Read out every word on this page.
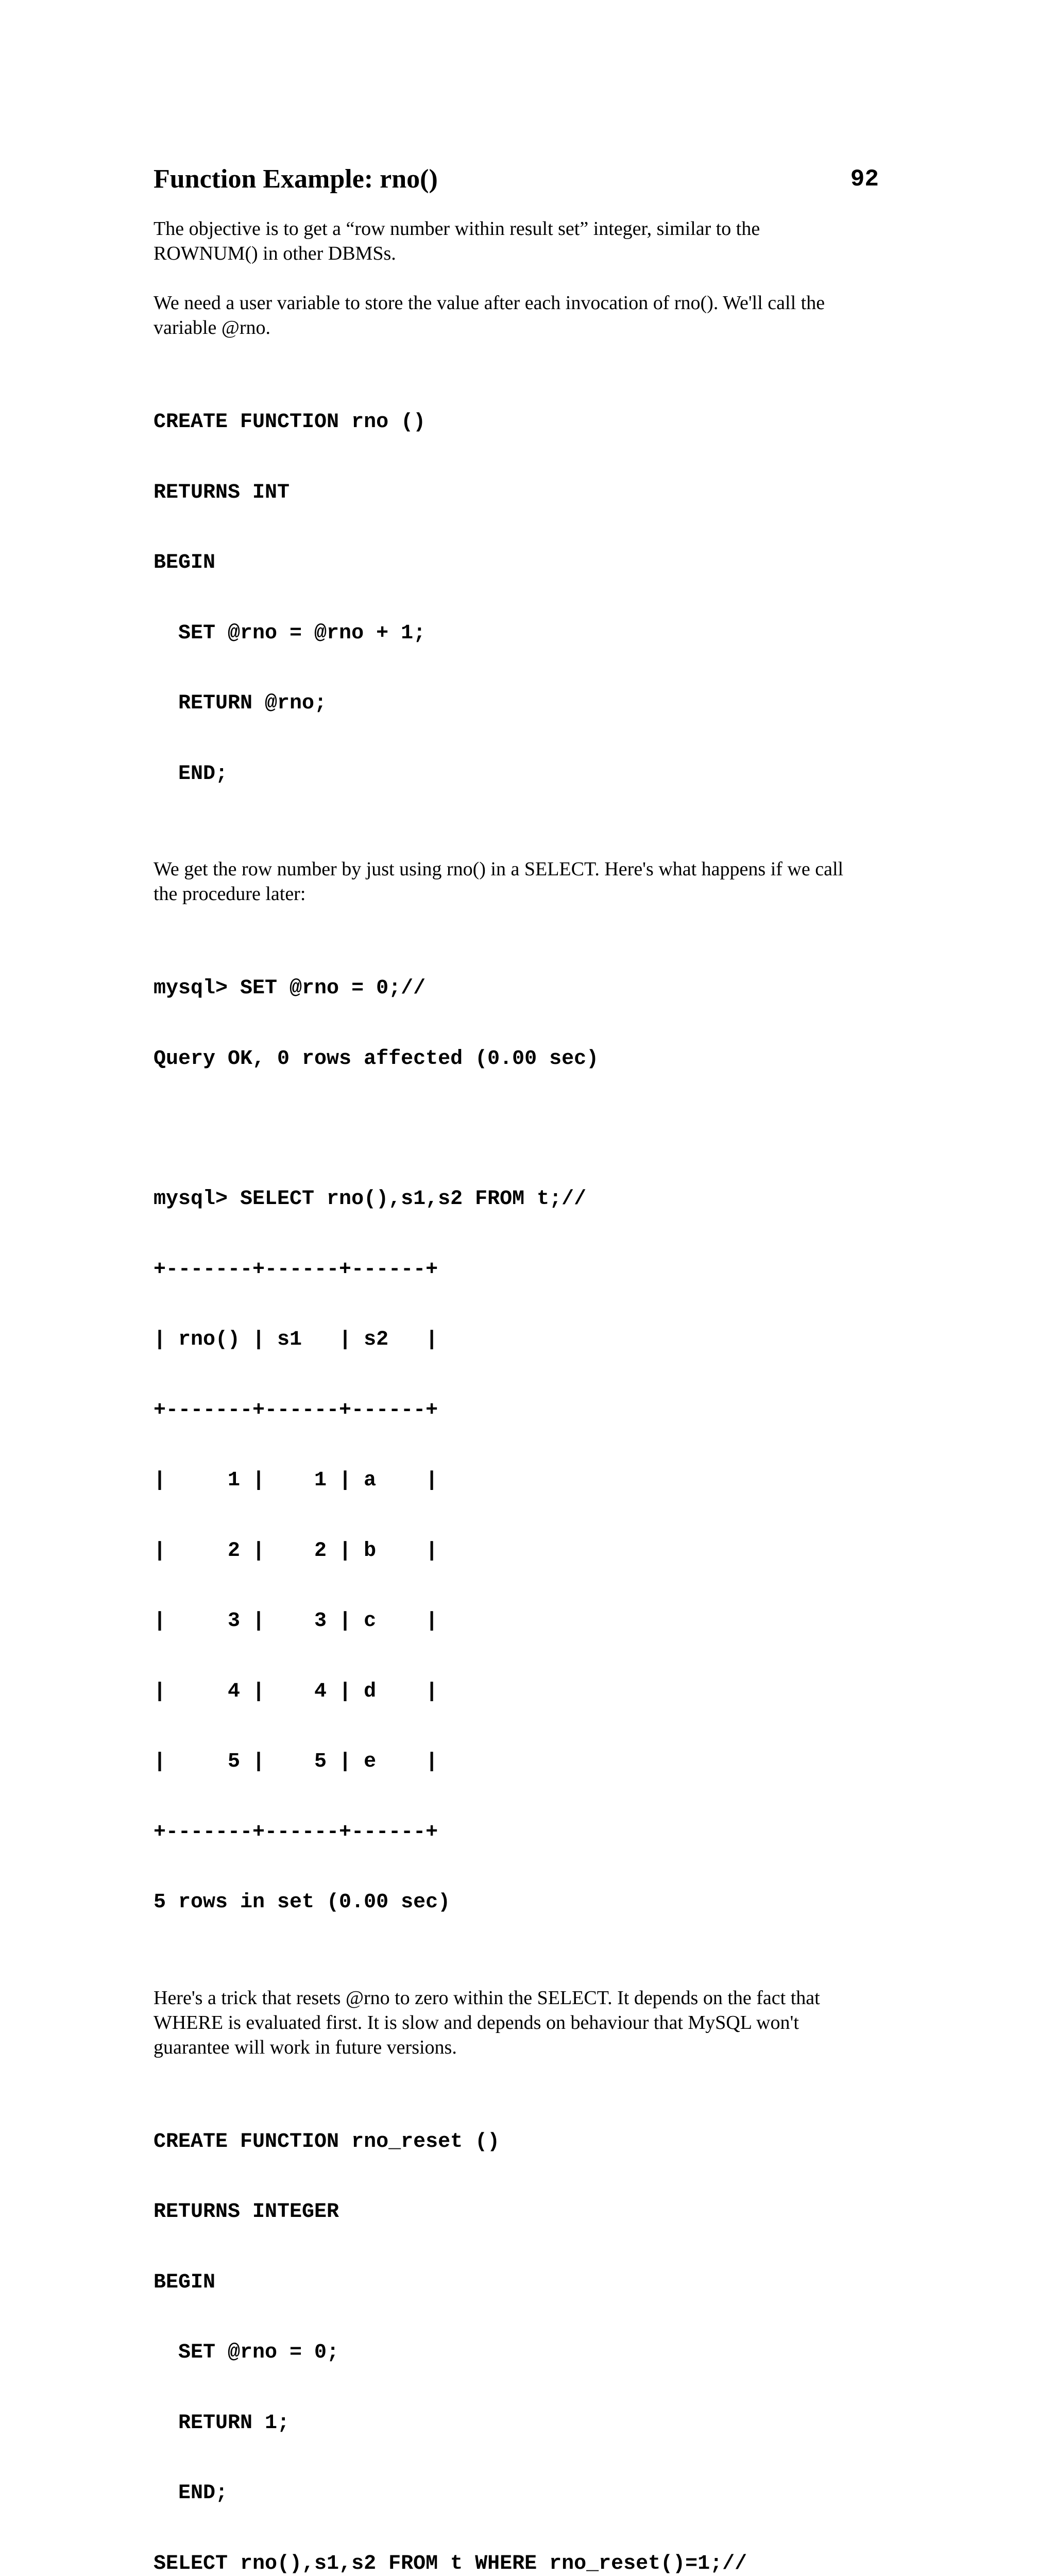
Function Example: rno()	92

The objective is to get a “row number within result set” integer, similar to the
ROWNUM() in other DBMSs.

We need a user variable to store the value after each invocation of rno(). We'll call the
variable @rno.

CREATE FUNCTION rno ()

RETURNS INT

BEGIN

SET @rno = @rno + 1;

RETURN @rno;

END;

We get the row number by just using rno() in a SELECT. Here's what happens if we call
the procedure later:

mysql> SET @rno = 0;//

Query OK, 0 rows affected (0.00 sec)

mysql> SELECT rno(),s1,s2 FROM t;//

+-------+------+------+

| rno() | s1   | s2   |

+-------+------+------+

|     1 |    1 | a    |

|     2 |    2 | b    |

|     3 |    3 | c    |

|     4 |    4 | d    |

|     5 |    5 | e    |

+-------+------+------+

5 rows in set (0.00 sec)

Here's a trick that resets @rno to zero within the SELECT. It depends on the fact that
WHERE is evaluated first. It is slow and depends on behaviour that MySQL won't
guarantee will work in future versions.

CREATE FUNCTION rno_reset ()

RETURNS INTEGER

BEGIN

SET @rno = 0;

RETURN 1;

END;

SELECT rno(),s1,s2 FROM t WHERE rno_reset()=1;//
